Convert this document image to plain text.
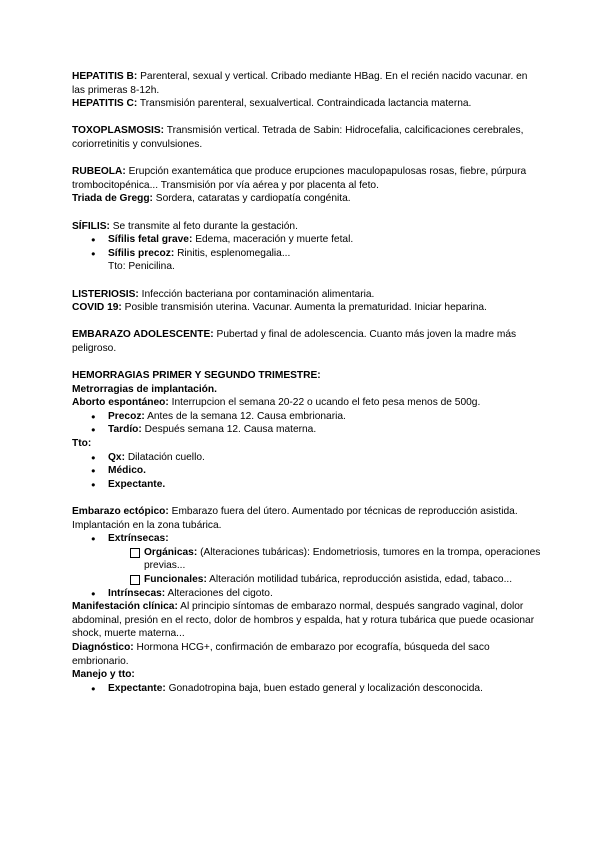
HEPATITIS B: Parenteral, sexual y vertical. Cribado mediante HBag. En el recién nacido vacunar. en las primeras 8-12h.

HEPATITIS C: Transmisión parenteral, sexualvertical. Contraindicada lactancia materna.

TOXOPLASMOSIS: Transmisión vertical. Tetrada de Sabin: Hidrocefalia, calcificaciones cerebrales, coriorretinitis y convulsiones.

RUBEOLA: Erupción exantemática que produce erupciones maculopapulosas rosas, fiebre, púrpura trombocitopénica... Transmisión por vía aérea y por placenta al feto.

Triada de Gregg: Sordera, cataratas y cardiopatía congénita.

SÍFILIS: Se transmite al feto durante la gestación.

● Sífilis fetal grave: Edema, maceración y muerte fetal.

● Sífilis precoz: Rinitis, esplenomegalia...

Tto: Penicilina.

LISTERIOSIS: Infección bacteriana por contaminación alimentaria.

COVID 19: Posible transmisión uterina. Vacunar. Aumenta la prematuridad. Iniciar heparina.

EMBARAZO ADOLESCENTE: Pubertad y final de adolescencia. Cuanto más joven la madre más peligroso.

HEMORRAGIAS PRIMER Y SEGUNDO TRIMESTRE:

Metrorragias de implantación.

Aborto espontáneo: Interrupcion el semana 20-22 o ucando el feto pesa menos de 500g.

● Precoz: Antes de la semana 12. Causa embrionaria.

● Tardío: Después semana 12. Causa materna.

Tto:

● Qx: Dilatación cuello.

● Médico.

● Expectante.

Embarazo ectópico: Embarazo fuera del útero. Aumentado por técnicas de reproducción asistida. Implantación en la zona tubárica.

● Extrínsecas:

Orgánicas: (Alteraciones tubáricas): Endometriosis, tumores en la trompa, operaciones previas...

Funcionales: Alteración motilidad tubárica, reproducción asistida, edad, tabaco...

● Intrínsecas: Alteraciones del cigoto.

Manifestación clínica: Al principio síntomas de embarazo normal, después sangrado vaginal, dolor abdominal, presión en el recto, dolor de hombros y espalda, hat y rotura tubárica que puede ocasionar shock, muerte materna...

Diagnóstico: Hormona HCG+, confirmación de embarazo por ecografía, búsqueda del saco embrionario.

Manejo y tto:

● Expectante: Gonadotropina baja, buen estado general y localización desconocida.
